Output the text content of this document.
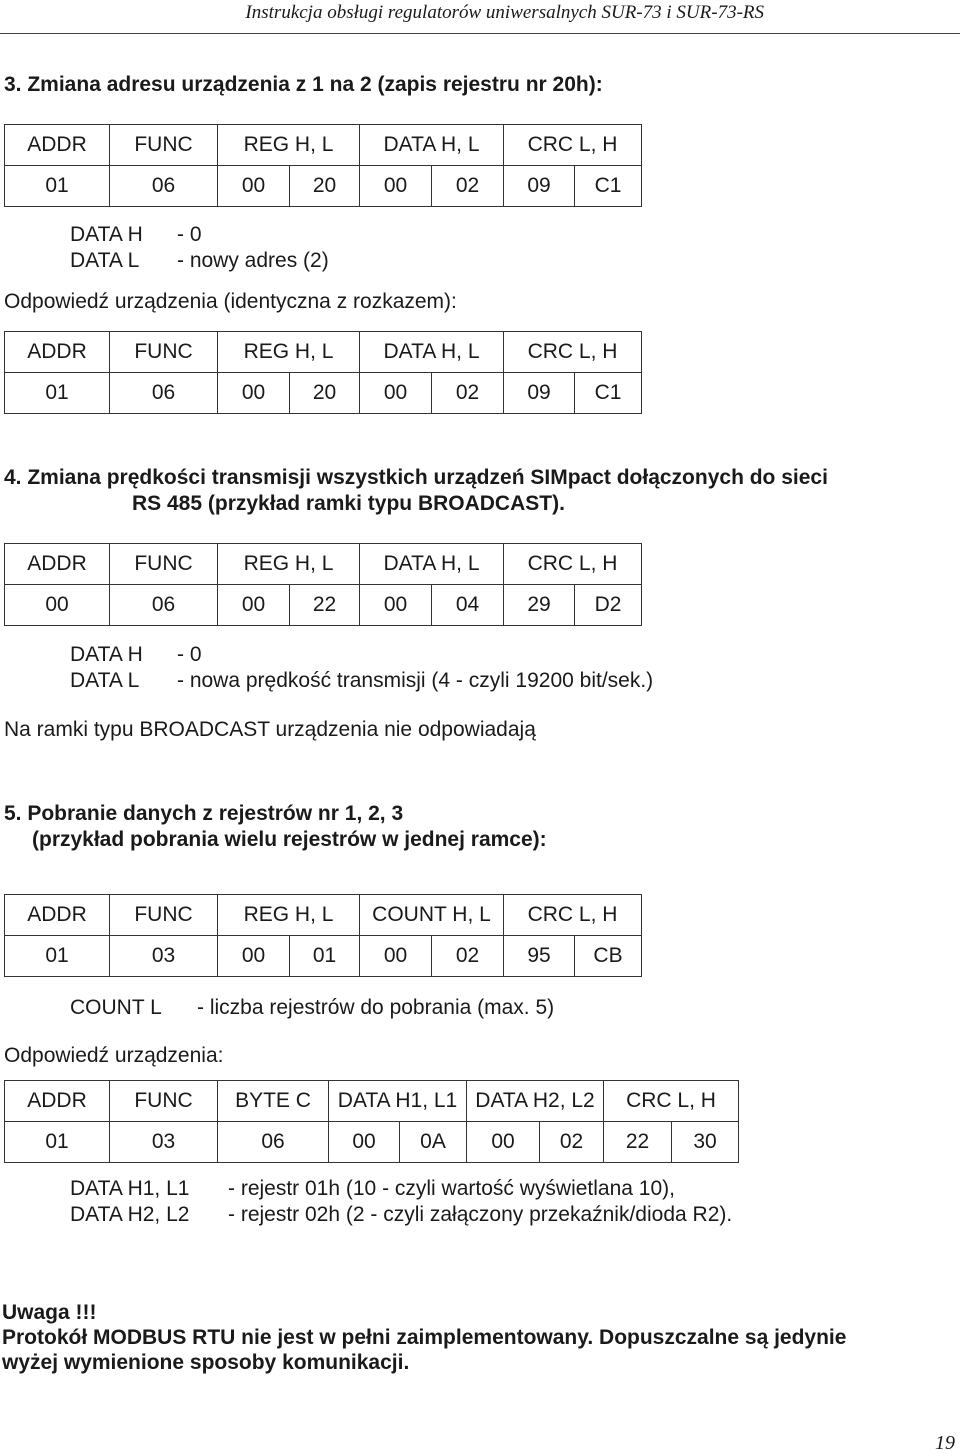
Instrukcja obsługi regulatorów uniwersalnych SUR-73 i SUR-73-RS
3. Zmiana adresu urządzenia z 1 na 2 (zapis rejestru nr 20h):
ADDR	FUNC	REG H, L		DATA H, L		CRC L, H	
01	06	00	20	00	02	09	C1
DATA H - 0
DATA L - nowy adres (2)
Odpowiedź urządzenia (identyczna z rozkazem):
ADDR	FUNC	REG H, L		DATA H, L		CRC L, H	
01	06	00	20	00	02	09	C1
4. Zmiana prędkości transmisji wszystkich urządzeń SIMpact dołączonych do sieci
RS 485 (przykład ramki typu BROADCAST).
ADDR	FUNC	REG H, L		DATA H, L		CRC L, H	
00	06	00	22	00	04	29	D2
DATA H - 0
DATA L - nowa prędkość transmisji (4 - czyli 19200 bit/sek.)
Na ramki typu BROADCAST urządzenia nie odpowiadają
5. Pobranie danych z rejestrów nr 1, 2, 3
(przykład pobrania wielu rejestrów w jednej ramce):
ADDR	FUNC	REG H, L		COUNT H, L		CRC L, H	
01	03	00	01	00	02	95	CB
COUNT L - liczba rejestrów do pobrania (max. 5)
Odpowiedź urządzenia:
ADDR	FUNC	BYTE C	DATA H1, L1		DATA H2, L2		CRC L, H	
01	03	06	00	0A	00	02	22	30
DATA H1, L1 - rejestr 01h (10 - czyli wartość wyświetlana 10),
DATA H2, L2 - rejestr 02h (2 - czyli załączony przekaźnik/dioda R2).
Uwaga !!!
Protokół MODBUS RTU nie jest w pełni zaimplementowany. Dopuszczalne są jedynie
wyżej wymienione sposoby komunikacji.
19
